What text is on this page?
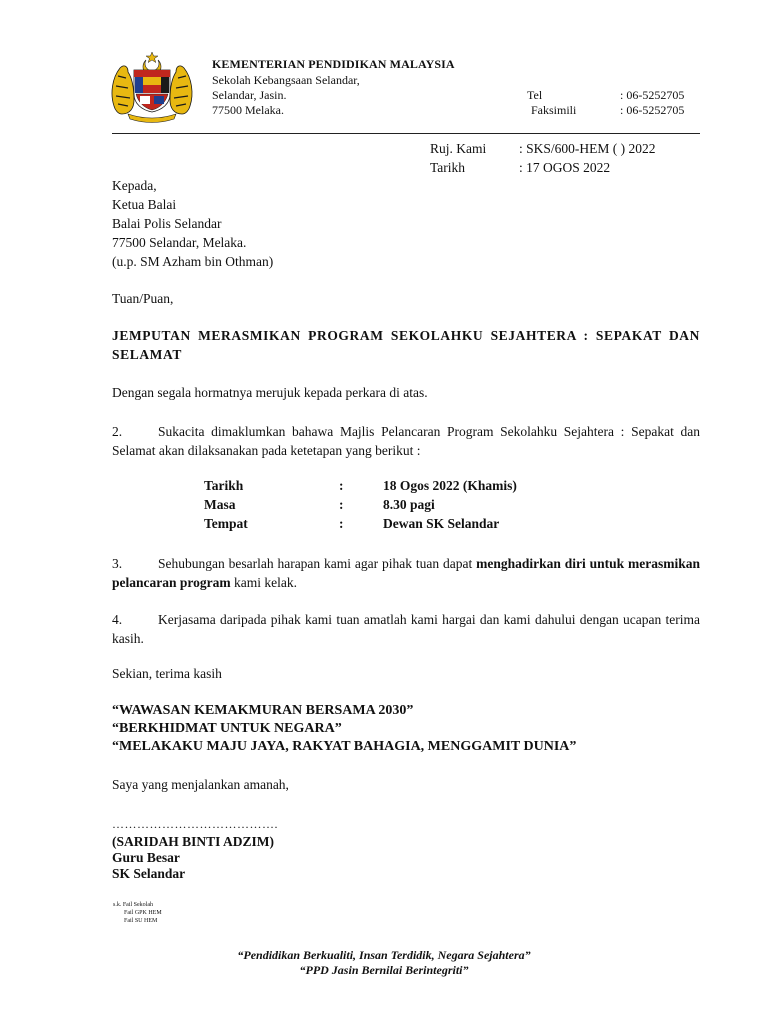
KEMENTERIAN PENDIDIKAN MALAYSIA
Sekolah Kebangsaan Selandar,
Selandar, Jasin.
77500 Melaka.
Tel	: 06-5252705
Faksimili	: 06-5252705
Ruj. Kami : SKS/600-HEM ( ) 2022
Tarikh	: 17 OGOS 2022
Kepada,
Ketua Balai
Balai Polis Selandar
77500 Selandar, Melaka.
(u.p. SM Azham bin Othman)
Tuan/Puan,
JEMPUTAN MERASMIKAN PROGRAM SEKOLAHKU SEJAHTERA : SEPAKAT DAN SELAMAT
Dengan segala hormatnya merujuk kepada perkara di atas.
2.	Sukacita dimaklumkan bahawa Majlis Pelancaran Program Sekolahku Sejahtera : Sepakat dan Selamat akan dilaksanakan pada ketetapan yang berikut :
Tarikh	:	18 Ogos 2022 (Khamis)
Masa	:	8.30 pagi
Tempat	:	Dewan SK Selandar
3.	Sehubungan besarlah harapan kami agar pihak tuan dapat menghadirkan diri untuk merasmikan pelancaran program kami kelak.
4.	Kerjasama daripada pihak kami tuan amatlah kami hargai dan kami dahului dengan ucapan terima kasih.
Sekian, terima kasih
“WAWASAN KEMAKMURAN BERSAMA 2030”
“BERKHIDMAT UNTUK NEGARA”
“MELAKAKU MAJU JAYA, RAKYAT BAHAGIA, MENGGAMIT DUNIA”
Saya yang menjalankan amanah,
………………………………….
(SARIDAH BINTI ADZIM)
Guru Besar
SK Selandar
s.k. Fail Sekolah
Fail GPK HEM
Fail SU HEM
“Pendidikan Berkualiti, Insan Terdidik, Negara Sejahtera”
“PPD Jasin Bernilai Berintegriti”
